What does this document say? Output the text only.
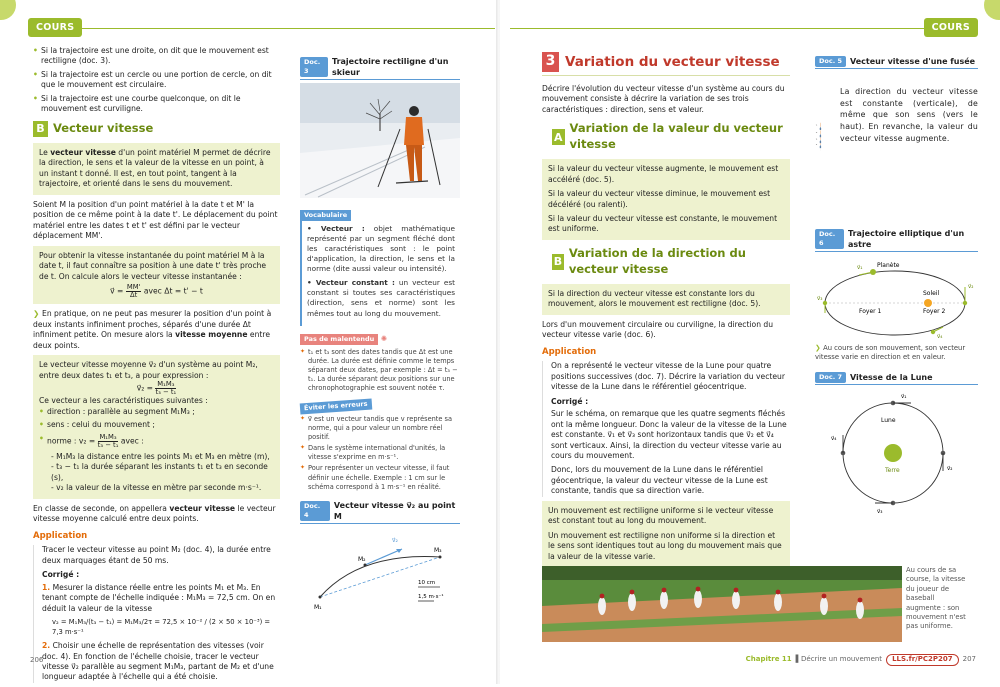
COURS
• Si la trajectoire est une droite, on dit que le mouvement est rectiligne (doc. 3).
• Si la trajectoire est un cercle ou une portion de cercle, on dit que le mouvement est circulaire.
• Si la trajectoire est une courbe quelconque, on dit le mouvement est curviligne.
B Vecteur vitesse
Le vecteur vitesse d'un point matériel M permet de décrire la direction, le sens et la valeur de la vitesse en un point, à un instant t donné. Il est, en tout point, tangent à la trajectoire, et orienté dans le sens du mouvement.

Soient M la position d'un point matériel à la date t et M' la position de ce même point à la date t'. Le déplacement du point matériel entre les dates t et t' est défini par le vecteur déplacement MM'.

Pour obtenir la vitesse instantanée du point matériel M à la date t, il faut connaître sa position à une date t' très proche de t. On calcule alors le vecteur vitesse instantanée :
v⃗ = $\frac{MM'}{\Delta t}$ avec Δt = t' − t

❯ En pratique, on ne peut pas mesurer la position d'un point à deux instants infiniment proches, séparés d'une durée Δt infiniment petite. On mesure alors la vitesse moyenne entre deux points.

Le vecteur vitesse moyenne v⃗₂ d'un système au point M₂, entre deux dates t₁ et t₃, a pour expression :
v⃗₂ = $\frac{\text{M₁M₃}}{\text{t₃ − t₁}}$
Ce vecteur a les caractéristiques suivantes :
• direction : parallèle au segment M₁M₃ ;
• sens : celui du mouvement ;
• norme : $v_2 = \frac{\text{M₁M₃}}{\text{t₃ − t₁}}$ avec :
- M₁M₃ la distance entre les points M₁ et M₃ en mètre (m),
- t₃ − t₁ la durée séparant les instants t₁ et t₃ en seconde (s),
- v₂ la valeur de la vitesse en mètre par seconde m·s⁻¹.

En classe de seconde, on appellera vecteur vitesse le vecteur vitesse moyenne calculé entre deux points.

Application

Tracer le vecteur vitesse au point M₂ (doc. 4), la durée entre deux marquages étant de 50 ms.

Corrigé :

1. Mesurer la distance réelle entre les points M₁ et M₃. En tenant compte de l'échelle indiquée : M₁M₃ = 72,5 cm. On en déduit la valeur de la vitesse

v₂ = M₁M₃/(t₃ − t₁) = M₁M₃/2τ = 72,5 × 10⁻² / (2 × 50 × 10⁻³) = 7,3 m·s⁻¹

2. Choisir une échelle de représentation des vitesses (voir doc. 4). En fonction de l'échelle choisie, tracer le vecteur vitesse v⃗₂ parallèle au segment M₁M₃, partant de M₂ et d'une longueur adaptée à l'échelle qui a été choisie.

Doc. 3
Trajectoire rectiligne d'un skieur
Vocabulaire

• Vecteur : objet mathématique représenté par un segment fléché dont les caractéristiques sont : le point d'application, la direction, le sens et la norme (dite aussi valeur ou intensité).

• Vecteur constant : un vecteur est constant si toutes ses caractéristiques (direction, sens et norme) sont les mêmes tout au long du mouvement.

Pas de malentendu ✺
✦ t₁ et t₃ sont des dates tandis que Δt est une durée. La durée est définie comme le temps séparant deux dates, par exemple : Δt = t₃ − t₁. La durée séparant deux positions sur une chronophotographie est souvent notée τ.
Éviter les erreurs
✦ v⃗ est un vecteur tandis que v représente sa norme, qui a pour valeur un nombre réel positif.
✦ Dans le système international d'unités, la vitesse s'exprime en m·s⁻¹.
✦ Pour représenter un vecteur vitesse, il faut définir une échelle. Exemple : 1 cm sur le schéma correspond à 1 m·s⁻¹ en réalité.
Doc. 4
Vecteur vitesse v⃗₂ au point M
M₁
M₂
M₃
v⃗₂
10 cm
1,5 m·s⁻¹
206
COURS
3 Variation du vecteur vitesse

Décrire l'évolution du vecteur vitesse d'un système au cours du mouvement consiste à décrire la variation de ses trois caractéristiques : direction, sens et valeur.

A
Variation de la valeur du vecteur vitesse

Si la valeur du vecteur vitesse augmente, le mouvement est accéléré (doc. 5).

Si la valeur du vecteur vitesse diminue, le mouvement est décéléré (ou ralenti).

Si la valeur du vecteur vitesse est constante, le mouvement est uniforme.

B
Variation de la direction du vecteur vitesse

Si la direction du vecteur vitesse est constante lors du mouvement, alors le mouvement est rectiligne (doc. 5).

Lors d'un mouvement circulaire ou curviligne, la direction du vecteur vitesse varie (doc. 6).

Application

On a représenté le vecteur vitesse de la Lune pour quatre positions successives (doc. 7). Décrire la variation du vecteur vitesse de la Lune dans le référentiel géocentrique.

Corrigé :

Sur le schéma, on remarque que les quatre segments fléchés ont la même longueur. Donc la valeur de la vitesse de la Lune est constante. v⃗₁ et v⃗₃ sont horizontaux tandis que v⃗₂ et v⃗₄ sont verticaux. Ainsi, la direction du vecteur vitesse varie au cours du mouvement.

Donc, lors du mouvement de la Lune dans le référentiel géocentrique, la valeur du vecteur vitesse de la Lune est constante, tandis que sa direction varie.

Un mouvement est rectiligne uniforme si le vecteur vitesse est constant tout au long du mouvement.

Un mouvement est rectiligne non uniforme si la direction et le sens sont identiques tout au long du mouvement mais que la valeur de la vitesse varie.

Doc. 5	Vecteur vitesse d'une fusée
v⃗₄
v⃗₃
v⃗₂
v⃗₁
La direction du vecteur vitesse est constante (verticale), de même que son sens (vers le haut). En revanche, la valeur du vecteur vitesse augmente.
Doc. 6
Trajectoire elliptique d'un astre
Soleil
Foyer 1	Foyer 2
Planète
v⃗₁
v⃗₂
v⃗₃
v⃗₄
❯ Au cours de son mouvement, son vecteur vitesse varie en direction et en valeur.
Doc. 7	Vitesse de la Lune
Terre
Lune
v⃗₁
v⃗₂
v⃗₃
v⃗₄
Au cours de sa course, la vitesse du joueur de baseball augmente : son mouvement n'est pas uniforme.
Chapitre 11 ▌Décrire un mouvement	LLS.fr/PC2P207	207
